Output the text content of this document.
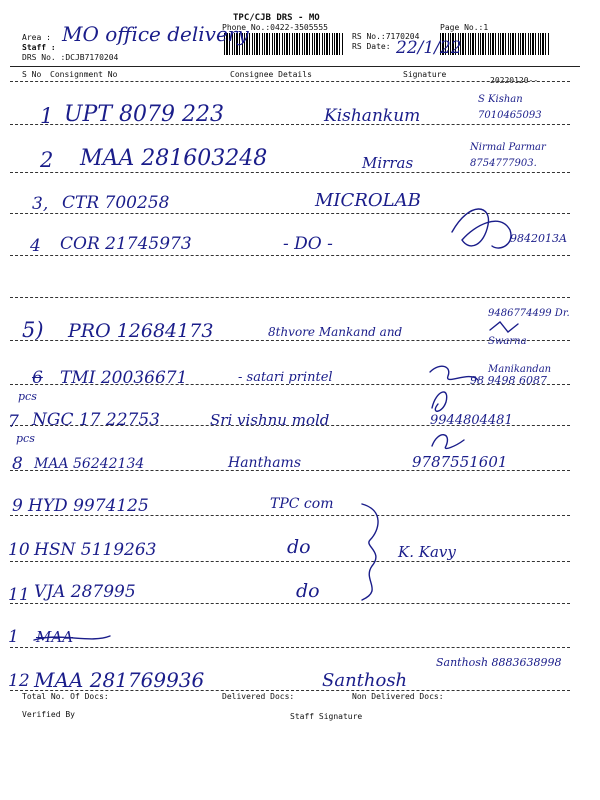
TPC/CJB DRS - MO
Phone No.:0422-3505555
Area :
Staff :
DRS No. :DCJB7170204
RS No.:7170204
RS Date:
Page No.:1
MO office delivery
22/1/22
S No Consignment No	Consignee Details	Signature
20220120--
1 UPT 8079 223	Kishankum
S Kishan 7010465093
2 MAA 281603248	Mirras
Nirmal Parmar 8754777903.
3, CTR 700258	MICROLAB
4 COR 21745973	- DO -	9842013A
5) PRO 12684173	8thvore Mankand and
9486774499 Dr. Swarna Manikandan
6 TMI 20036671	- satari printel	98 9498 6087
pcs
7 NGC 17 22753	Sri vishnu mold	9944804481
pcs
8 MAA 56242134	Hanthams	9787551601
9 HYD 9974125	TPC com
10 HSN 5119263	do	K. Kavy
11 VJA 287995	do
1 MAA
12 MAA 281769936	Santhosh
Santhosh 8883638998
Total No. Of Docs:	Delivered Docs:	Non Delivered Docs:
Verified By	Staff Signature
